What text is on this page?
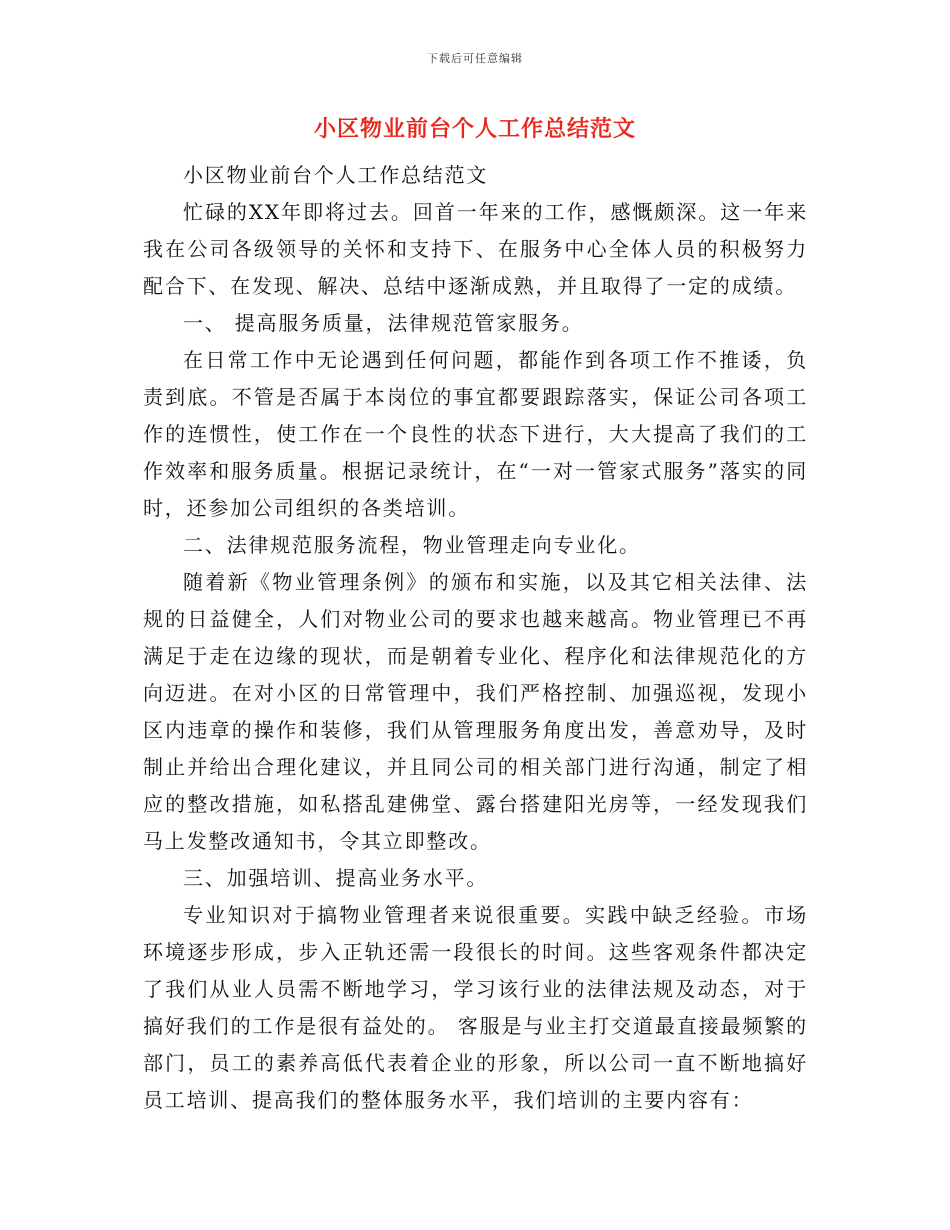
下载后可任意编辑
小区物业前台个人工作总结范文

小区物业前台个人工作总结范文

忙碌的XX年即将过去。回首一年来的工作，感慨颇深。这一年来我在公司各级领导的关怀和支持下、在服务中心全体人员的积极努力配合下、在发现、解决、总结中逐渐成熟，并且取得了一定的成绩。

一、 提高服务质量，法律规范管家服务。

在日常工作中无论遇到任何问题，都能作到各项工作不推诿，负责到底。不管是否属于本岗位的事宜都要跟踪落实，保证公司各项工作的连惯性，使工作在一个良性的状态下进行，大大提高了我们的工作效率和服务质量。根据记录统计，在“一对一管家式服务”落实的同时，还参加公司组织的各类培训。

二、法律规范服务流程，物业管理走向专业化。

随着新《物业管理条例》的颁布和实施，以及其它相关法律、法规的日益健全，人们对物业公司的要求也越来越高。物业管理已不再满足于走在边缘的现状，而是朝着专业化、程序化和法律规范化的方向迈进。在对小区的日常管理中，我们严格控制、加强巡视，发现小区内违章的操作和装修，我们从管理服务角度出发，善意劝导，及时制止并给出合理化建议，并且同公司的相关部门进行沟通，制定了相应的整改措施，如私搭乱建佛堂、露台搭建阳光房等，一经发现我们马上发整改通知书，令其立即整改。

三、加强培训、提高业务水平。

专业知识对于搞物业管理者来说很重要。实践中缺乏经验。市场环境逐步形成，步入正轨还需一段很长的时间。这些客观条件都决定了我们从业人员需不断地学习，学习该行业的法律法规及动态，对于搞好我们的工作是很有益处的。 客服是与业主打交道最直接最频繁的部门，员工的素养高低代表着企业的形象，所以公司一直不断地搞好员工培训、提高我们的整体服务水平，我们培训的主要内容有：
